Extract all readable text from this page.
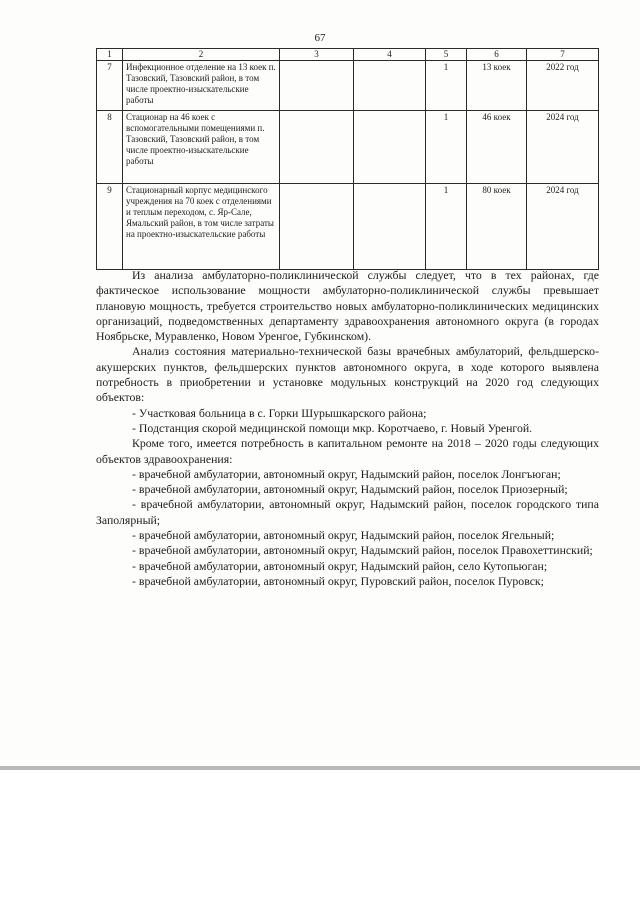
67
1	2	3	4	5	6	7
7	Инфекционное отделение на 13 коек п. Тазовский, Тазовский район, в том числе проектно-изыскательские работы			1	13 коек	2022 год
8	Стационар на 46 коек с вспомогательными помещениями п. Тазовский, Тазовский район, в том числе проектно-изыскательские работы			1	46 коек	2024 год
9	Стационарный корпус медицинского учреждения на 70 коек с отделениями и теплым переходом, с. Яр-Сале, Ямальский район, в том числе затраты на проектно-изыскательские работы			1	80 коек	2024 год

Из анализа амбулаторно-поликлинической службы следует, что в тех районах, где фактическое использование мощности амбулаторно-поликлинической службы превышает плановую мощность, требуется строительство новых амбулаторно-поликлинических медицинских организаций, подведомственных департаменту здравоохранения автономного округа (в городах Ноябрьске, Муравленко, Новом Уренгое, Губкинском).

Анализ состояния материально-технической базы врачебных амбулаторий, фельдшерско-акушерских пунктов, фельдшерских пунктов автономного округа, в ходе которого выявлена потребность в приобретении и установке модульных конструкций на 2020 год следующих объектов:

- Участковая больница в с. Горки Шурышкарского района;

- Подстанция скорой медицинской помощи мкр. Коротчаево, г. Новый Уренгой.

Кроме того, имеется потребность в капитальном ремонте на 2018 – 2020 годы следующих объектов здравоохранения:

- врачебной амбулатории, автономный округ, Надымский район, поселок Лонгъюган;

- врачебной амбулатории, автономный округ, Надымский район, поселок Приозерный;

- врачебной амбулатории, автономный округ, Надымский район, поселок городского типа Заполярный;

- врачебной амбулатории, автономный округ, Надымский район, поселок Ягельный;

- врачебной амбулатории, автономный округ, Надымский район, поселок Правохеттинский;

- врачебной амбулатории, автономный округ, Надымский район, село Кутопьюган;

- врачебной амбулатории, автономный округ, Пуровский район, поселок Пуровск;
